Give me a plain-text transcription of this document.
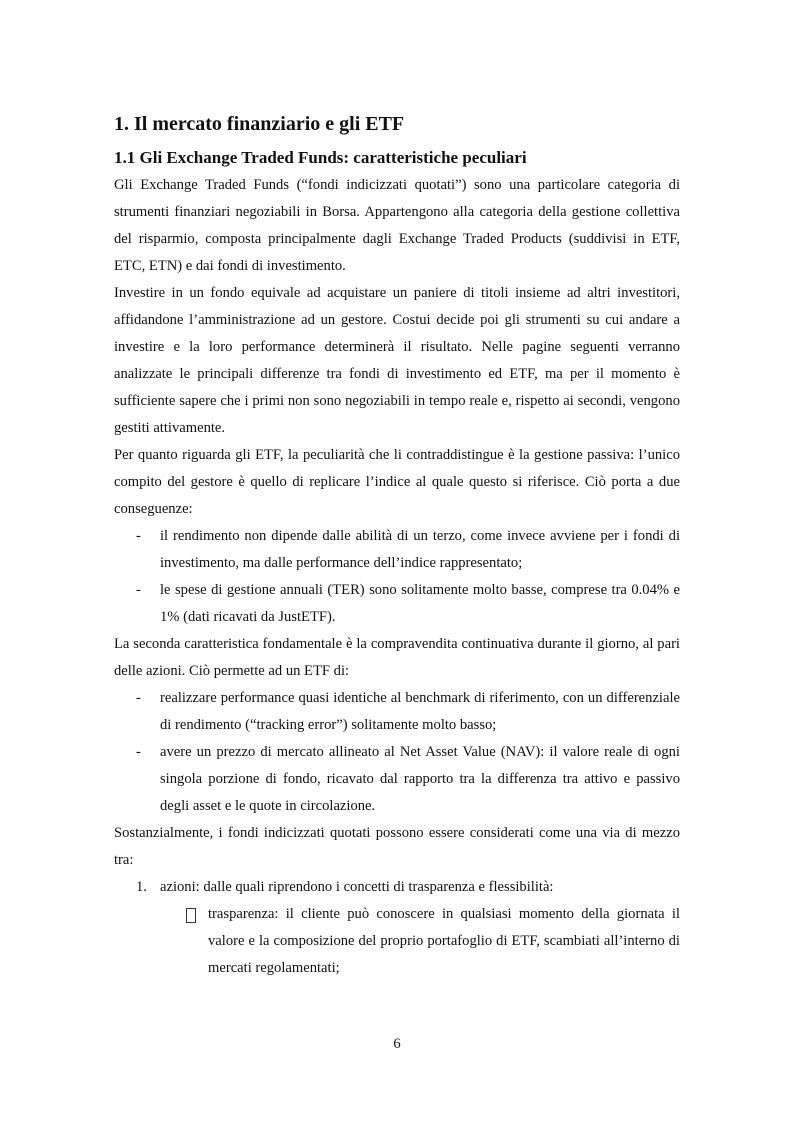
1. Il mercato finanziario e gli ETF
1.1 Gli Exchange Traded Funds: caratteristiche peculiari

Gli Exchange Traded Funds (“fondi indicizzati quotati”) sono una particolare categoria di strumenti finanziari negoziabili in Borsa. Appartengono alla categoria della gestione collettiva del risparmio, composta principalmente dagli Exchange Traded Products (suddivisi in ETF, ETC, ETN) e dai fondi di investimento.

Investire in un fondo equivale ad acquistare un paniere di titoli insieme ad altri investitori, affidandone l’amministrazione ad un gestore. Costui decide poi gli strumenti su cui andare a investire e la loro performance determinerà il risultato. Nelle pagine seguenti verranno analizzate le principali differenze tra fondi di investimento ed ETF, ma per il momento è sufficiente sapere che i primi non sono negoziabili in tempo reale e, rispetto ai secondi, vengono gestiti attivamente.

Per quanto riguarda gli ETF, la peculiarità che li contraddistingue è la gestione passiva: l’unico compito del gestore è quello di replicare l’indice al quale questo si riferisce. Ciò porta a due conseguenze:

- il rendimento non dipende dalle abilità di un terzo, come invece avviene per i fondi di investimento, ma dalle performance dell’indice rappresentato;
- le spese di gestione annuali (TER) sono solitamente molto basse, comprese tra 0.04% e 1% (dati ricavati da JustETF).

La seconda caratteristica fondamentale è la compravendita continuativa durante il giorno, al pari delle azioni. Ciò permette ad un ETF di:

- realizzare performance quasi identiche al benchmark di riferimento, con un differenziale di rendimento (“tracking error”) solitamente molto basso;
- avere un prezzo di mercato allineato al Net Asset Value (NAV): il valore reale di ogni singola porzione di fondo, ricavato dal rapporto tra la differenza tra attivo e passivo degli asset e le quote in circolazione.

Sostanzialmente, i fondi indicizzati quotati possono essere considerati come una via di mezzo tra:

1. azioni: dalle quali riprendono i concetti di trasparenza e flessibilità:
trasparenza: il cliente può conoscere in qualsiasi momento della giornata il valore e la composizione del proprio portafoglio di ETF, scambiati all’interno di mercati regolamentati;
6
